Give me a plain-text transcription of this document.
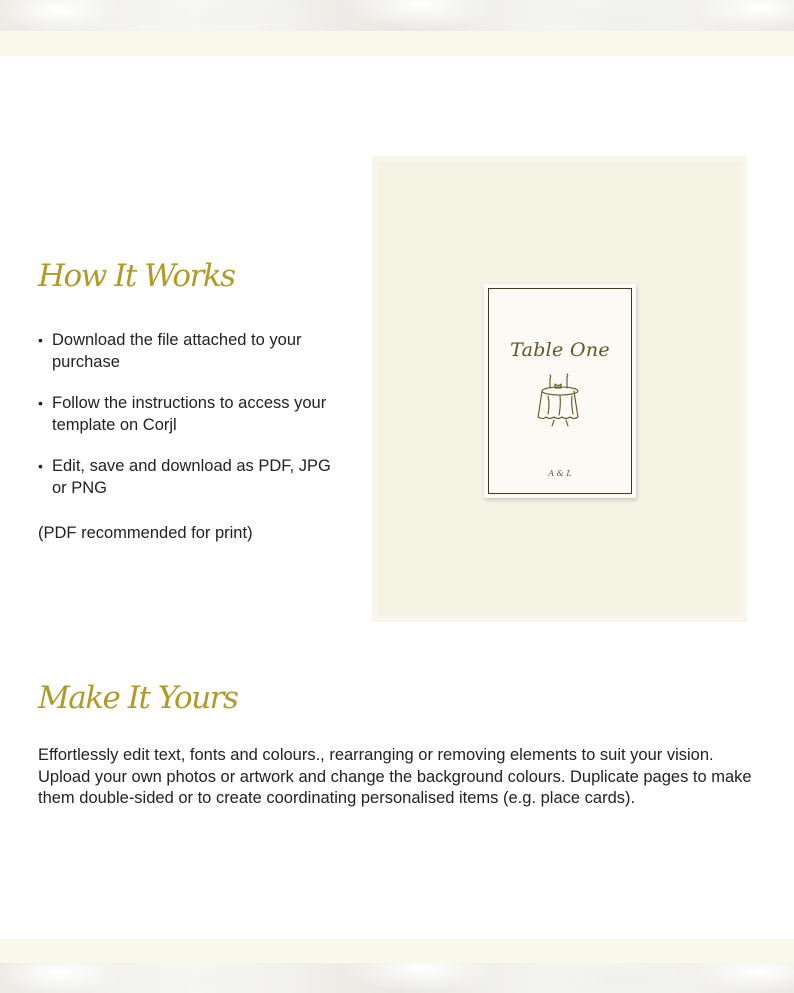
How It Works
• Download the file attached to your purchase
• Follow the instructions to access your template on Corjl
• Edit, save and download as PDF, JPG or PNG
(PDF recommended for print)
Table One
A & L
Make It Yours

Effortlessly edit text, fonts and colours., rearranging or removing elements to suit your vision. Upload your own photos or artwork and change the background colours. Duplicate pages to make them double-sided or to create coordinating personalised items (e.g. place cards).
